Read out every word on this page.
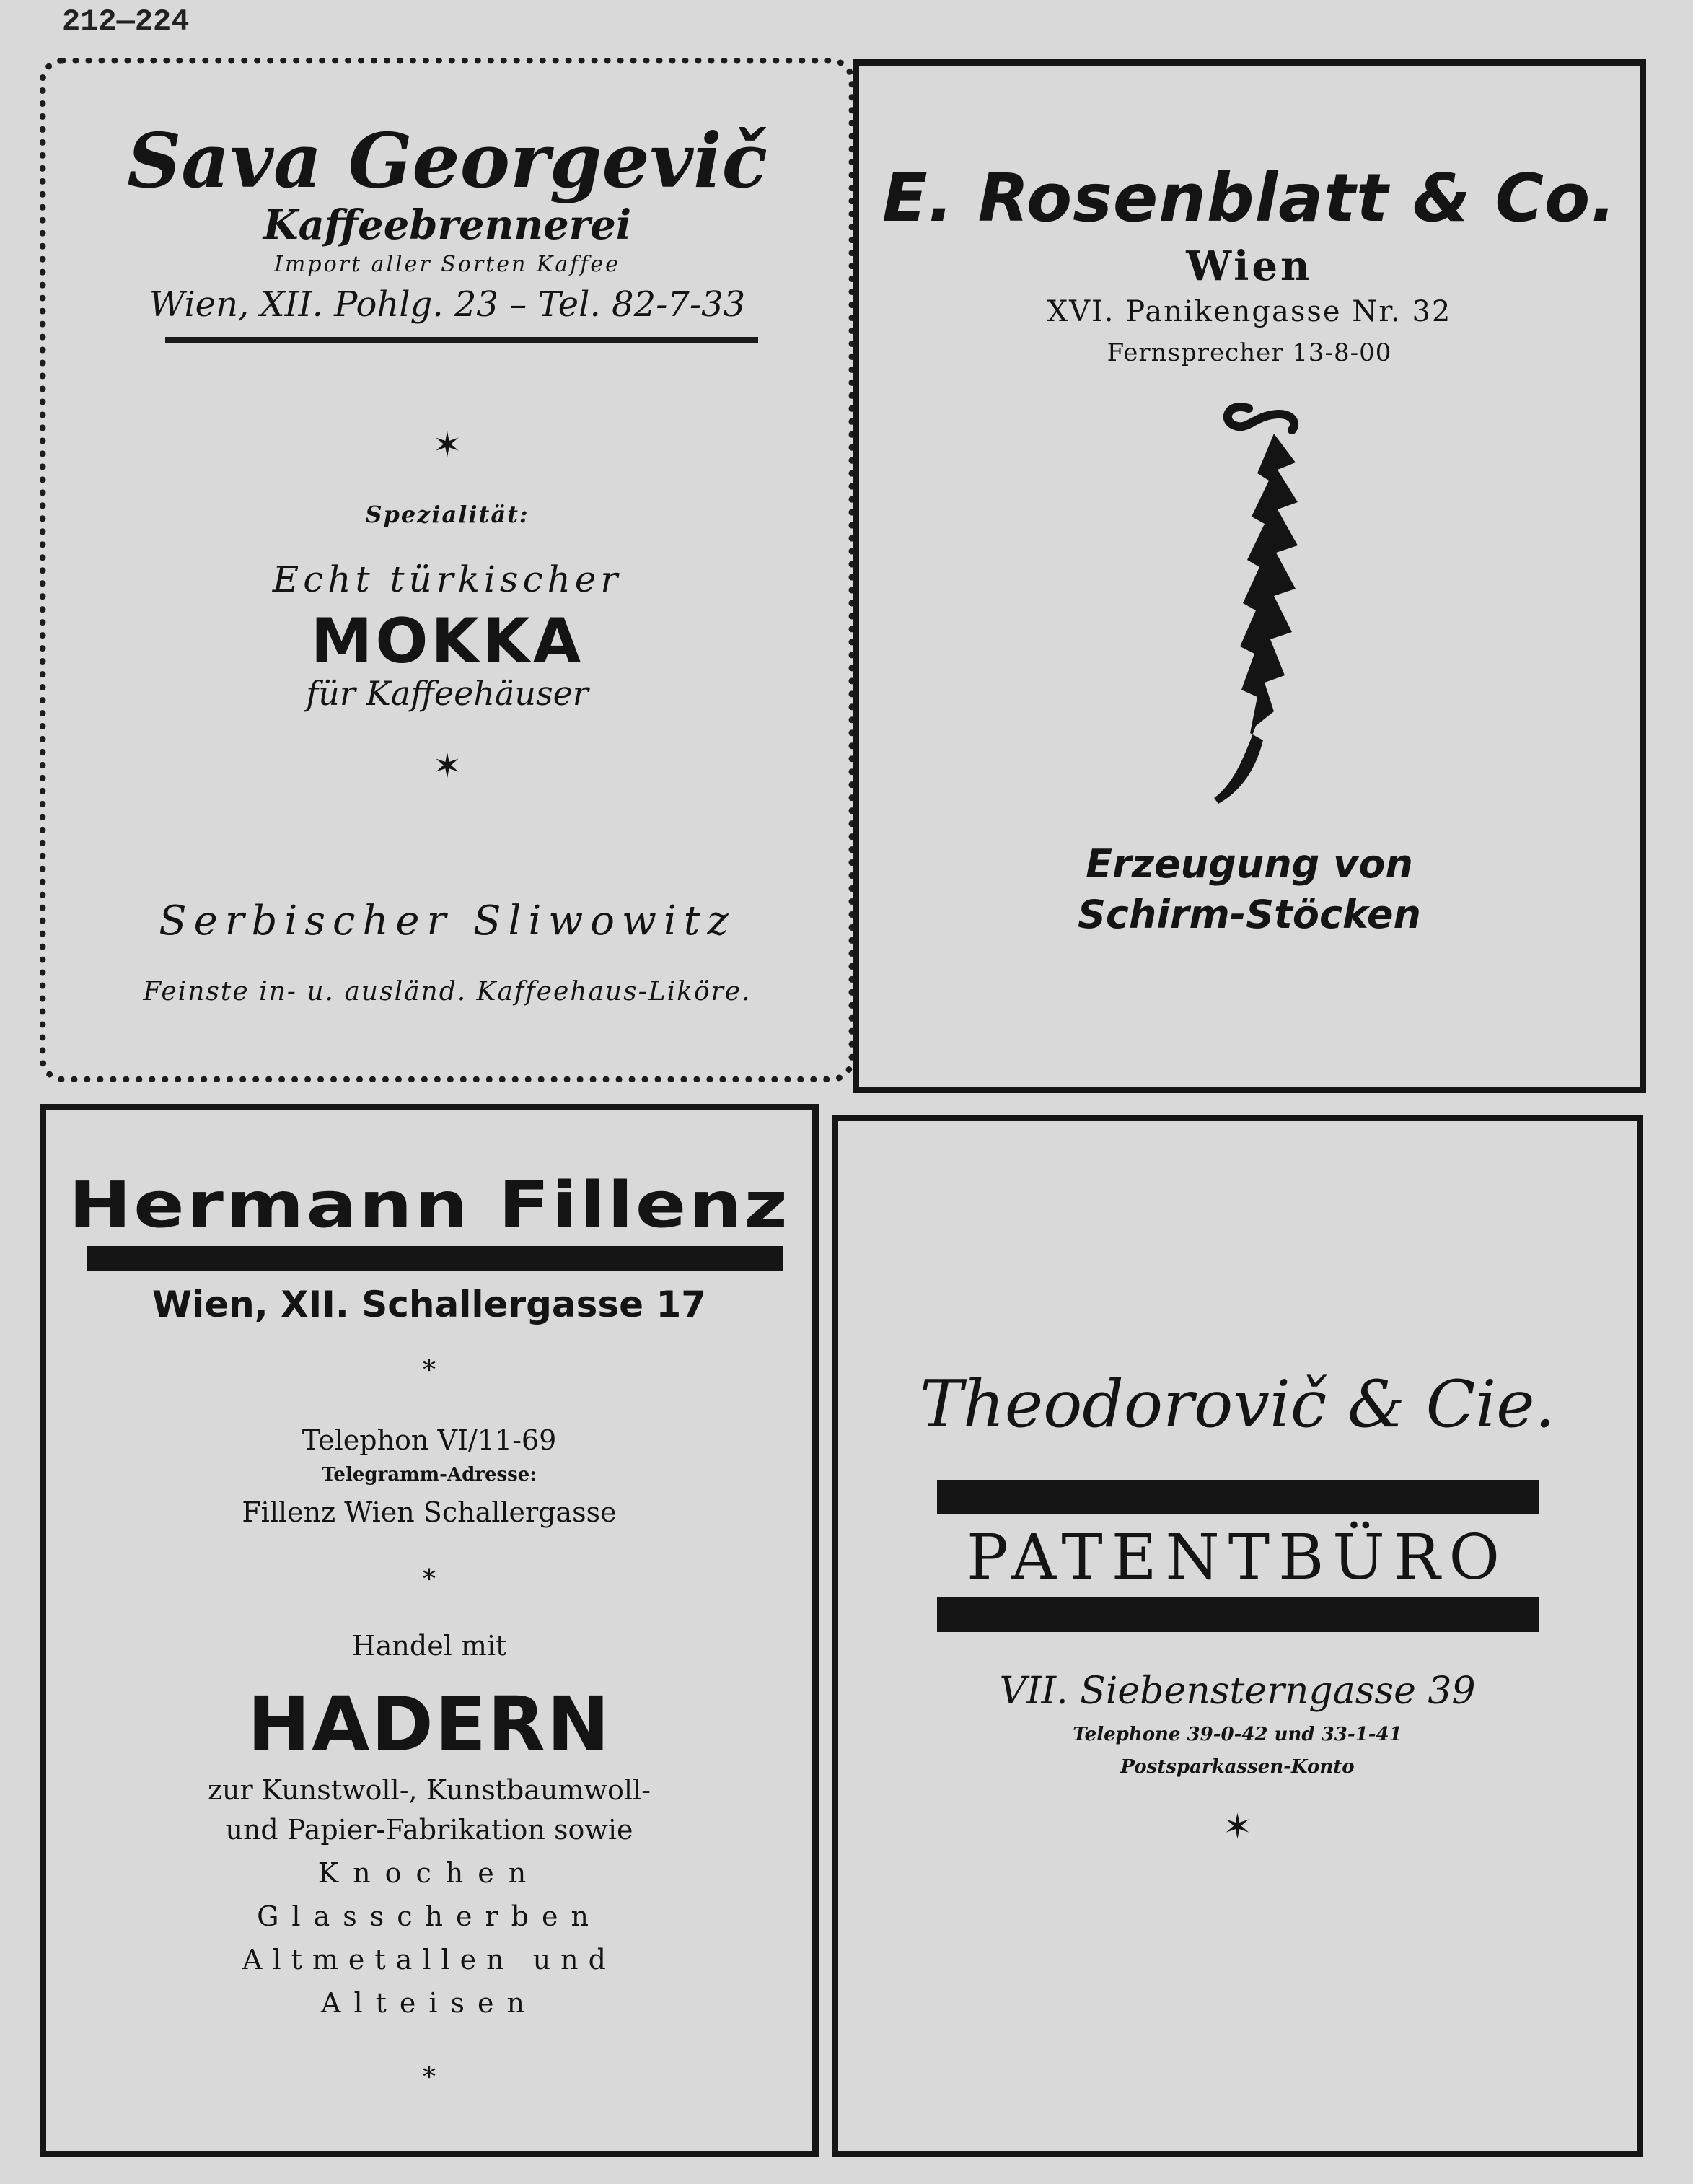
212—224
Sava Georgevič
Kaffeebrennerei
Import aller Sorten Kaffee
Wien, XII. Pohlg. 23 – Tel. 82-7-33
✶
Spezialität:
Echt türkischer
MOKKA
für Kaffeehäuser
✶
Serbischer Sliwowitz
Feinste in- u. ausländ. Kaffeehaus-Liköre.
E. Rosenblatt & Co.
Wien
XVI. Panikengasse Nr. 32
Fernsprecher 13-8-00
Erzeugung von
Schirm-Stöcken
Hermann Fillenz
Wien, XII. Schallergasse 17
*
Telephon VI/11-69
Telegramm-Adresse:
Fillenz Wien Schallergasse
*
Handel mit
HADERN
zur Kunstwoll-, Kunstbaumwoll-
und Papier-Fabrikation sowie
Knochen
Glasscherben
Altmetallen und
Alteisen
*
Theodorovič & Cie.
PATENTBÜRO
VII. Siebensterngasse 39
Telephone 39-0-42 und 33-1-41
Postsparkassen-Konto
✶
